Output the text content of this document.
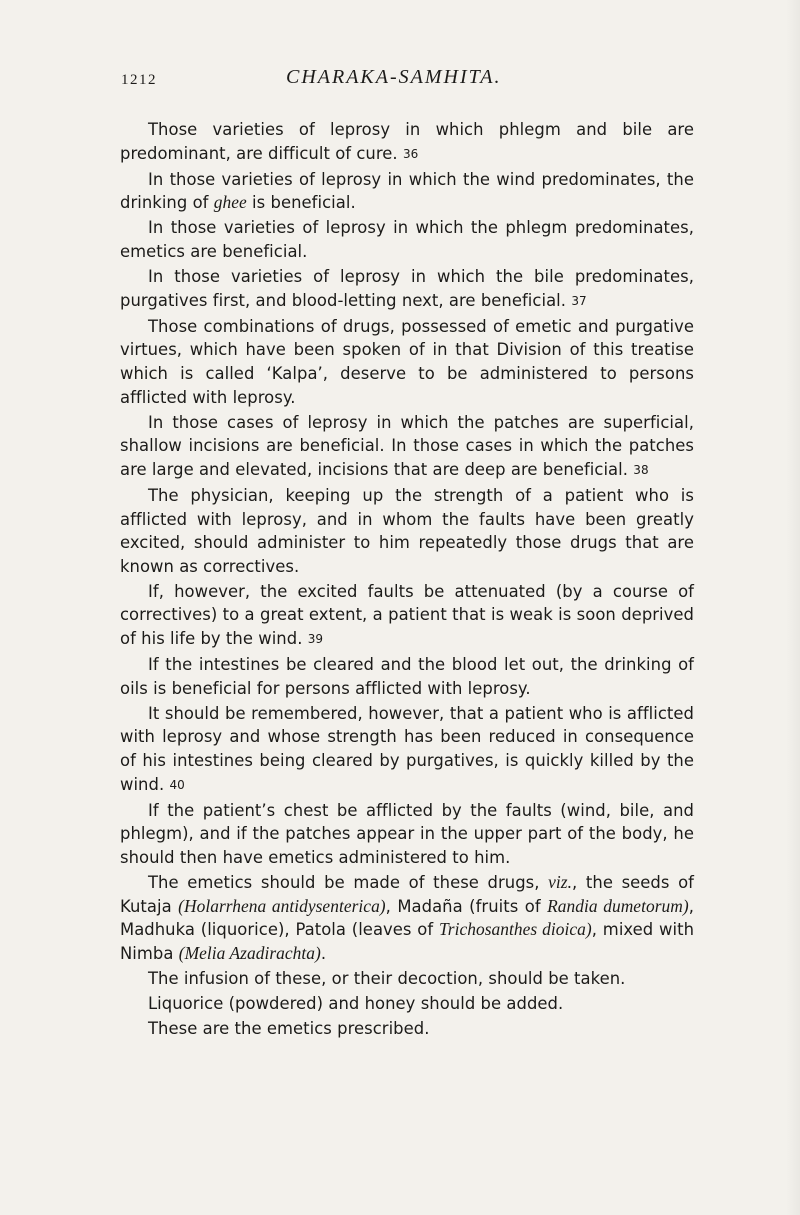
1212	CHARAKA-SAMHITA.

Those varieties of leprosy in which phlegm and bile are predominant, are difficult of cure. 36

In those varieties of leprosy in which the wind predominates, the drinking of ghee is beneficial.

In those varieties of leprosy in which the phlegm predominates, emetics are beneficial.

In those varieties of leprosy in which the bile predominates, purgatives first, and blood-letting next, are beneficial. 37

Those combinations of drugs, possessed of emetic and purgative virtues, which have been spoken of in that Division of this treatise which is called ‘Kalpa’, deserve to be administered to persons afflicted with leprosy.

In those cases of leprosy in which the patches are superficial, shallow incisions are beneficial. In those cases in which the patches are large and elevated, incisions that are deep are beneficial. 38

The physician, keeping up the strength of a patient who is afflicted with leprosy, and in whom the faults have been greatly excited, should administer to him repeatedly those drugs that are known as correctives.

If, however, the excited faults be attenuated (by a course of correctives) to a great extent, a patient that is weak is soon deprived of his life by the wind. 39

If the intestines be cleared and the blood let out, the drinking of oils is beneficial for persons afflicted with leprosy.

It should be remembered, however, that a patient who is afflicted with leprosy and whose strength has been reduced in consequence of his intestines being cleared by purgatives, is quickly killed by the wind. 40

If the patient’s chest be afflicted by the faults (wind, bile, and phlegm), and if the patches appear in the upper part of the body, he should then have emetics administered to him.

The emetics should be made of these drugs, viz., the seeds of Kutaja (Holarrhena antidysenterica), Madaña (fruits of Randia dumetorum), Madhuka (liquorice), Patola (leaves of Trichosanthes dioica), mixed with Nimba (Melia Azadirachta).

The infusion of these, or their decoction, should be taken.

Liquorice (powdered) and honey should be added.

These are the emetics prescribed.
